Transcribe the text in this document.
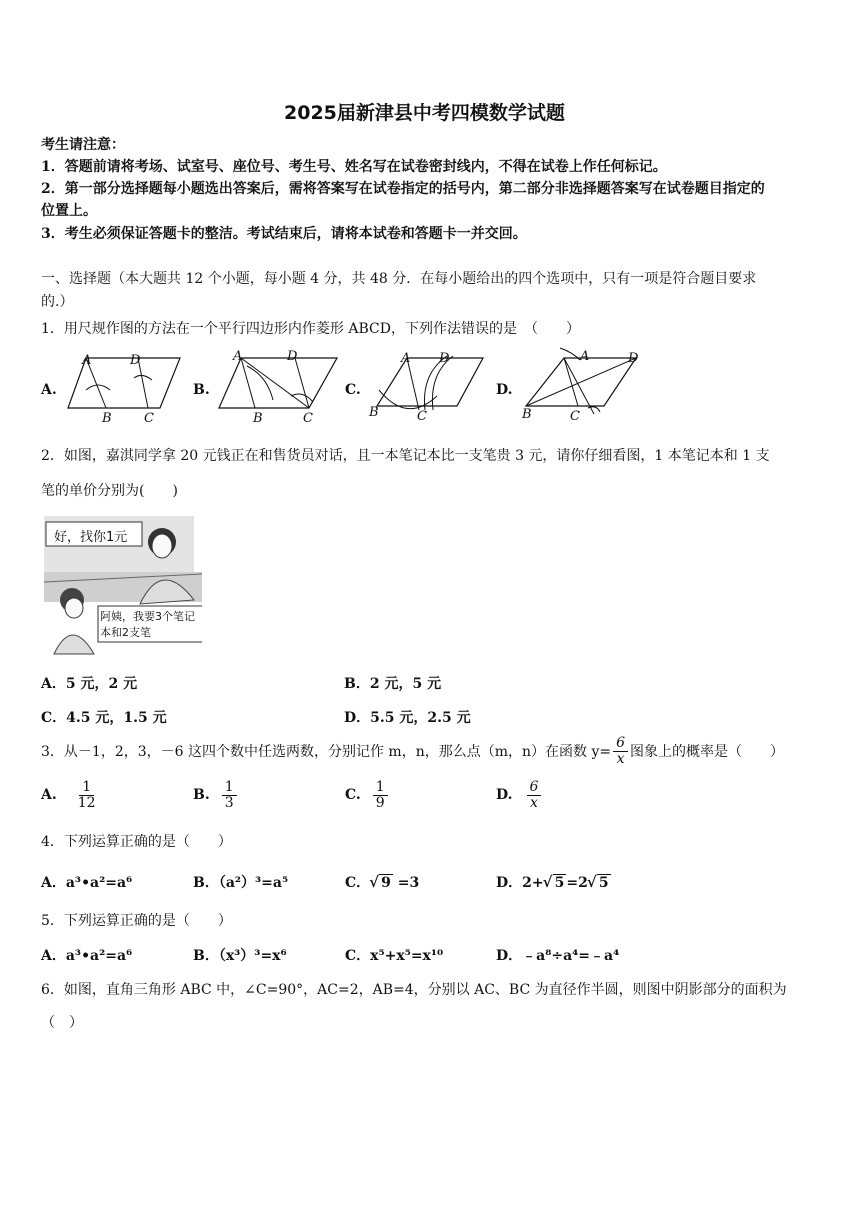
2025届新津县中考四模数学试题
考生请注意：
1．答题前请将考场、试室号、座位号、考生号、姓名写在试卷密封线内，不得在试卷上作任何标记。
2．第一部分选择题每小题选出答案后，需将答案写在试卷指定的括号内，第二部分非选择题答案写在试卷题目指定的
位置上。
3．考生必须保证答题卡的整洁。考试结束后，请将本试卷和答题卡一并交回。
一、选择题（本大题共 12 个小题，每小题 4 分，共 48 分．在每小题给出的四个选项中，只有一项是符合题目要求
的.）
1．用尺规作图的方法在一个平行四边形内作菱形 ABCD，下列作法错误的是　（　　）
A.	B.	C.	D.
A	D
B C
A	D
B	C
A D
B	C
A	D
B	C
2．如图，嘉淇同学拿 20 元钱正在和售货员对话，且一本笔记本比一支笔贵 3 元，请你仔细看图，1 本笔记本和 1 支
笔的单价分别为(　　)
好，找你1元
阿姨，我要3个笔记
本和2支笔
A．5 元，2 元	B．2 元，5 元
C．4.5 元，1.5 元	D．5.5 元，2.5 元
3．从－1，2，3，－6 这四个数中任选两数，分别记作 m，n，那么点（m，n）在函数 $y= \frac{6}{x}$ 图象上的概率是（　　）
A. $\frac{1}{12}$	B. $\frac{1}{3}$	C. $\frac{1}{9}$	D. $\frac{6}{x}$
4．下列运算正确的是（　　）
A．a³•a²=a⁶	B．（a²）³=a⁵	C． √ 9 =3	D．2+ √ 5 =2 √ 5
5．下列运算正确的是（　　）
A．a³•a²=a⁶	B．（x³）³=x⁶	C．x⁵+x⁵=x¹⁰	D．﹣a⁸÷a⁴=﹣a⁴
6．如图，直角三角形 ABC 中，∠C=90°，AC=2，AB=4，分别以 AC、BC 为直径作半圆，则图中阴影部分的面积为
（　）
